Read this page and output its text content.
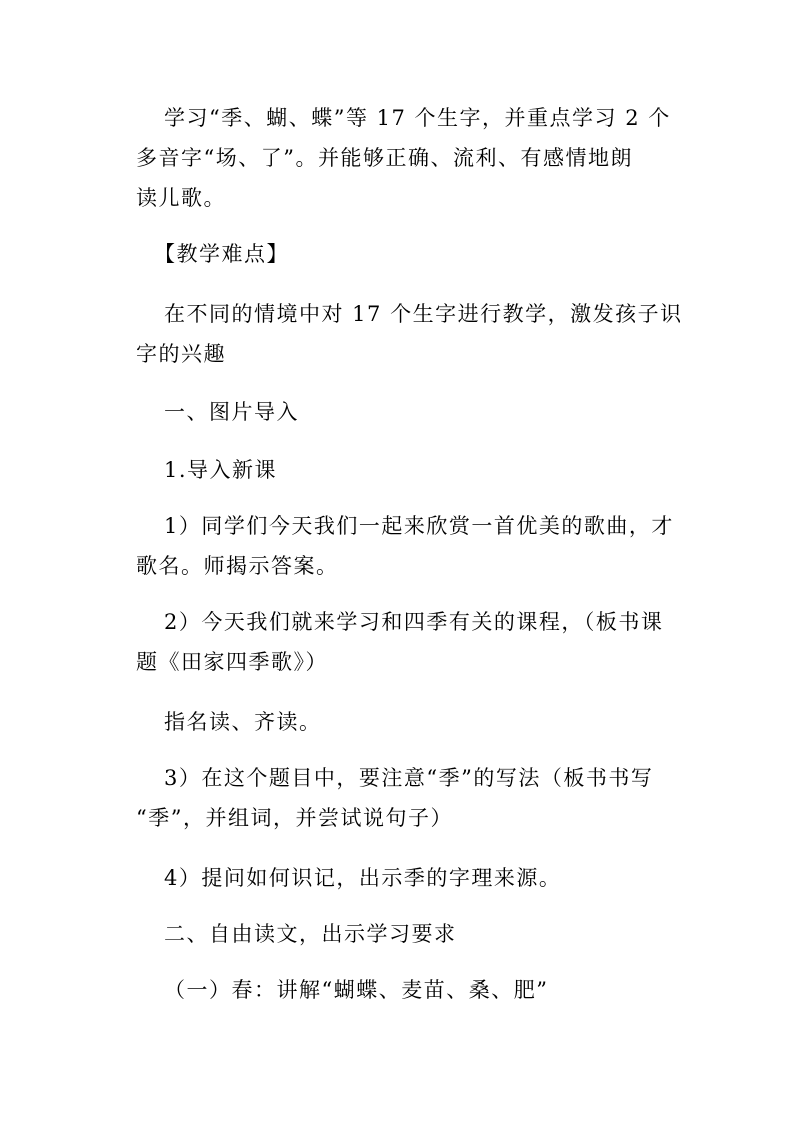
学习“季、蝴、蝶”等 17 个生字，并重点学习 2 个
多音字“场、了”。并能够正确、流利、有感情地朗
读儿歌。
【教学难点】
在不同的情境中对 17 个生字进行教学，激发孩子识
字的兴趣
一、图片导入
1.导入新课
1）同学们今天我们一起来欣赏一首优美的歌曲，才
歌名。师揭示答案。
2）今天我们就来学习和四季有关的课程，（板书课
题《田家四季歌》）
指名读、齐读。
3）在这个题目中，要注意“季”的写法（板书书写
“季”，并组词，并尝试说句子）
4）提问如何识记，出示季的字理来源。
二、自由读文，出示学习要求
（一）春：讲解“蝴蝶、麦苗、桑、肥”
